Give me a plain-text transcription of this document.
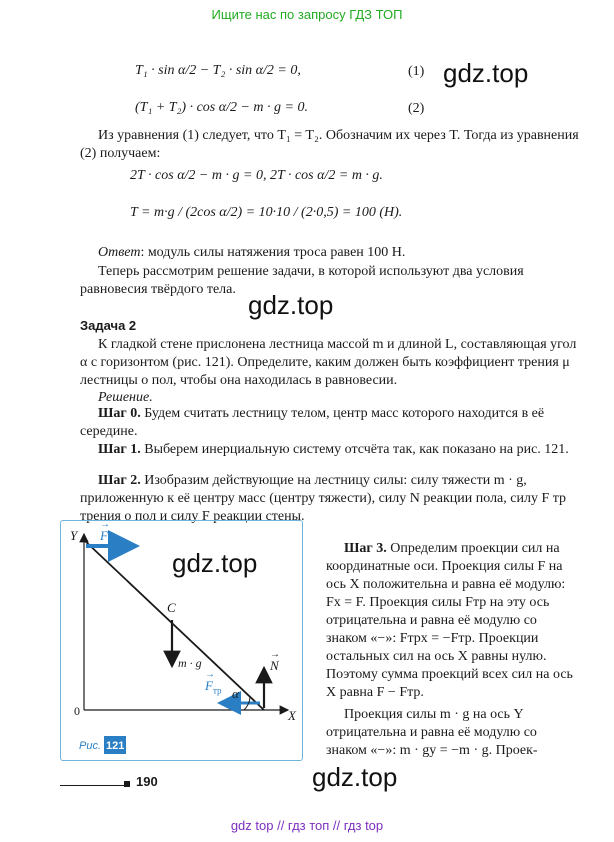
Ищите нас по запросу ГДЗ ТОП
T₁ · sin α/2 − T₂ · sin α/2 = 0,	(1) gdz.top
(T₁ + T₂) · cos α/2 − m · g = 0.	(2)
Из уравнения (1) следует, что T₁ = T₂. Обозначим их через T. Тогда из уравнения (2) получаем:
2T · cos α/2 − m · g = 0, 2T · cos α/2 = m · g.
T = m·g / (2cos α/2) = 10·10 / (2·0,5) = 100 (Н).
Ответ: модуль силы натяжения троса равен 100 Н.
Теперь рассмотрим решение задачи, в которой используют два условия равновесия твёрдого тела.
gdz.top
Задача 2
К гладкой стене прислонена лестница массой m и длиной L, составляющая угол α с горизонтом (рис. 121). Определите, каким должен быть коэффициент трения μ лестницы о пол, чтобы она находилась в равновесии.
Решение.
Шаг 0. Будем считать лестницу телом, центр масс которого находится в её середине.
Шаг 1. Выберем инерциальную систему отсчёта так, как показано на рис. 121.
Шаг 2. Изобразим действующие на лестницу силы: силу тяжести m · g, приложенную к её центру масс (центру тяжести), силу N реакции пола, силу F тр трения о пол и силу F реакции стены.
Y
X
0
→ F
C
m · g
→	N
→ $F_{тр}$ α
Рис. 121
gdz.top	Шаг 3. Определим проекции сил на координатные оси. Проекция силы F на ось X положительна и равна её модулю: Fx = F. Проекция силы Fтр на эту ось отрицательна и равна её модулю со знаком «−»: Fтрх = −Fтр. Проекции остальных сил на ось X равны нулю. Поэтому сумма проекций всех сил на ось X равна F − Fтр.
Проекция силы m · g на ось Y отрицательна и равна её модулю со знаком «−»: m · gy = −m · g. Проек-
190	gdz.top
gdz top // гдз топ // гдз top
